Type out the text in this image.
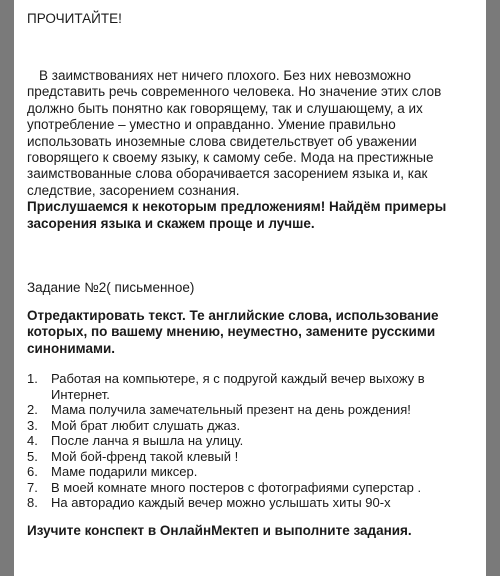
ПРОЧИТАЙТЕ!

В заимствованиях нет ничего плохого. Без них невозможно представить речь современного человека. Но значение этих слов должно быть понятно как говорящему, так и слушающему, а их употребление – уместно и оправданно. Умение правильно использовать иноземные слова свидетельствует об уважении говорящего к своему языку, к самому себе. Мода на престижные заимствованные слова оборачивается засорением языка и, как следствие, засорением сознания.

Прислушаемся к некоторым предложениям! Найдём примеры засорения языка и скажем проще и лучше.

Задание №2( письменное)

Отредактировать текст. Те английские слова, использование которых, по вашему мнению, неуместно, замените русскими синонимами.

1.	Работая на компьютере, я с подругой каждый вечер выхожу в Интернет.
2.	Мама получила замечательный презент на день рождения!
3.	Мой брат любит слушать джаз.
4.	После ланча я вышла на улицу.
5.	Мой бой-френд такой клевый !
6.	Маме подарили миксер.
7.	В моей комнате много постеров с фотографиями суперстар .
8.	На авторадио каждый вечер можно услышать хиты 90-х

Изучите конспект в ОнлайнМектеп и выполните задания.
